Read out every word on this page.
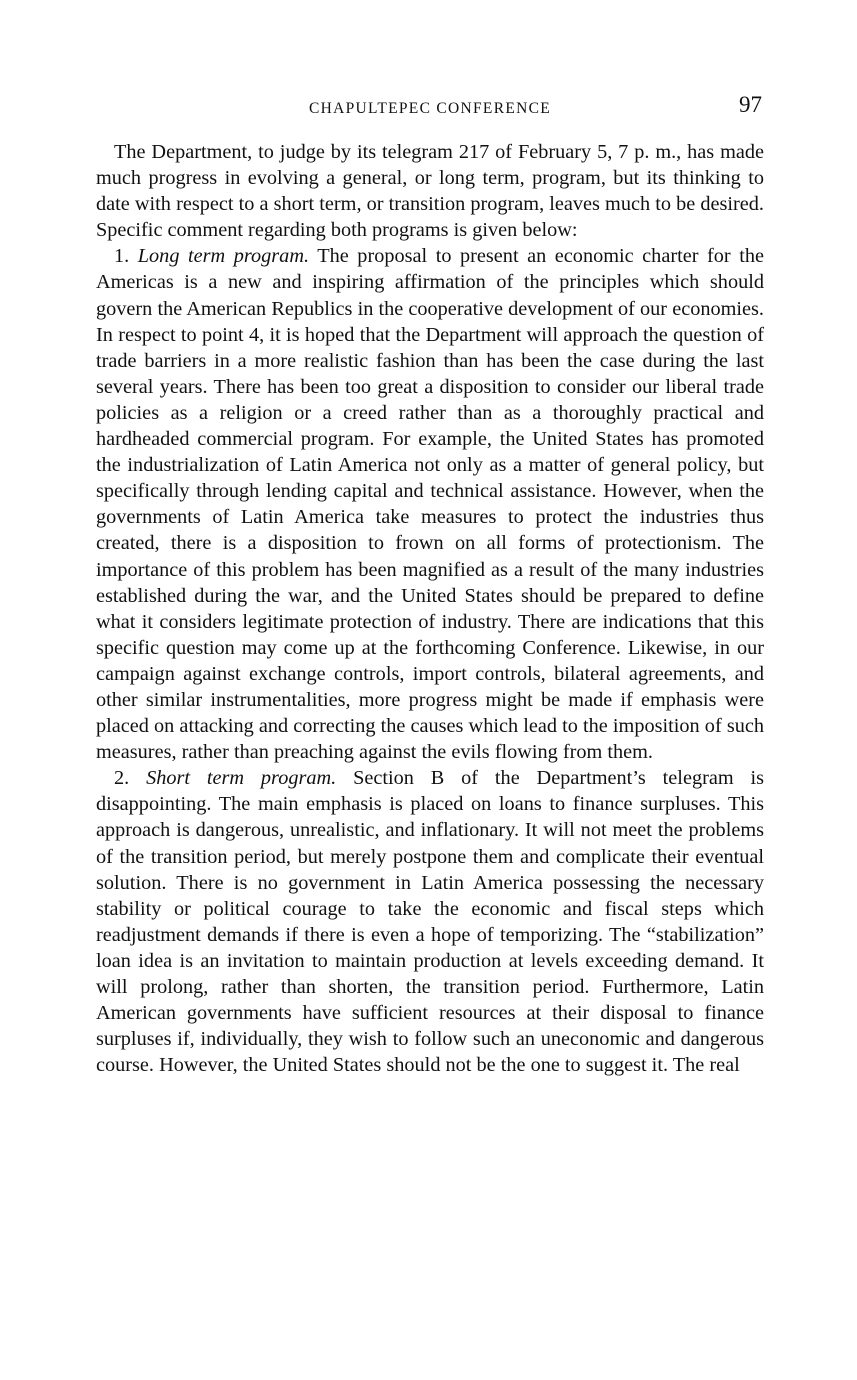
CHAPULTEPEC CONFERENCE	97

The Department, to judge by its telegram 217 of February 5, 7 p. m., has made much progress in evolving a general, or long term, program, but its thinking to date with respect to a short term, or transition program, leaves much to be desired. Specific comment regarding both programs is given below:

1. Long term program. The proposal to present an economic charter for the Americas is a new and inspiring affirmation of the principles which should govern the American Republics in the cooperative development of our economies. In respect to point 4, it is hoped that the Department will approach the question of trade barriers in a more realistic fashion than has been the case during the last several years. There has been too great a disposition to consider our liberal trade policies as a religion or a creed rather than as a thoroughly practical and hardheaded commercial program. For example, the United States has promoted the industrialization of Latin America not only as a matter of general policy, but specifically through lending capital and technical assistance. However, when the governments of Latin America take measures to protect the industries thus created, there is a disposition to frown on all forms of protectionism. The importance of this problem has been magnified as a result of the many industries established during the war, and the United States should be prepared to define what it considers legitimate protection of industry. There are indications that this specific question may come up at the forthcoming Conference. Likewise, in our campaign against exchange controls, import controls, bilateral agreements, and other similar instrumentalities, more progress might be made if emphasis were placed on attacking and correcting the causes which lead to the imposition of such measures, rather than preaching against the evils flowing from them.

2. Short term program. Section B of the Department’s telegram is disappointing. The main emphasis is placed on loans to finance surpluses. This approach is dangerous, unrealistic, and inflationary. It will not meet the problems of the transition period, but merely postpone them and complicate their eventual solution. There is no government in Latin America possessing the necessary stability or political courage to take the economic and fiscal steps which readjustment demands if there is even a hope of temporizing. The “stabilization” loan idea is an invitation to maintain production at levels exceeding demand. It will prolong, rather than shorten, the transition period. Furthermore, Latin American governments have sufficient resources at their disposal to finance surpluses if, individually, they wish to follow such an uneconomic and dangerous course. However, the United States should not be the one to suggest it. The real
